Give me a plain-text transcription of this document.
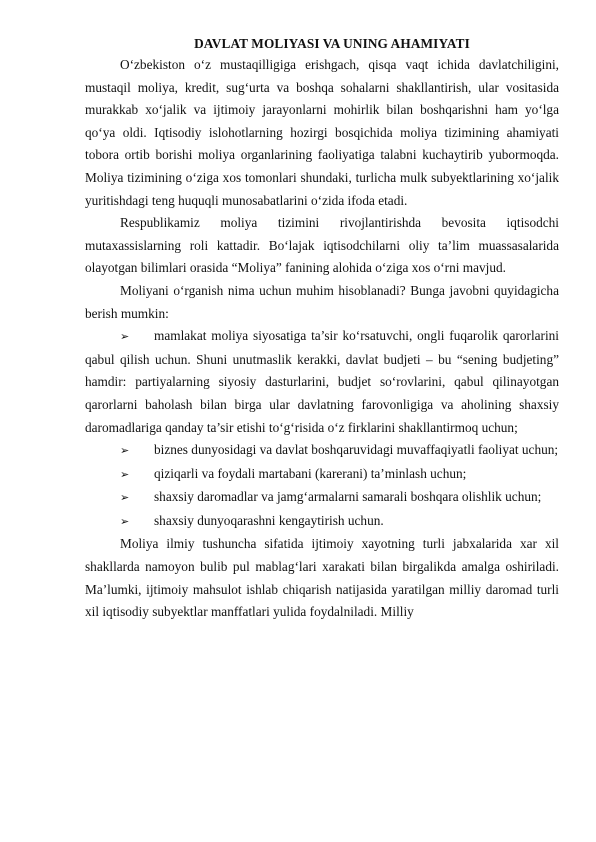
DAVLAT MOLIYASI VA UNING AHAMIYATI

O‘zbekiston o‘z mustaqilligiga erishgach, qisqa vaqt ichida davlatchiligini, mustaqil moliya, kredit, sug‘urta va boshqa sohalarni shakllantirish, ular vositasida murakkab xo‘jalik va ijtimoiy jarayonlarni mohirlik bilan boshqarishni ham yo‘lga qo‘ya oldi. Iqtisodiy islohotlarning hozirgi bosqichida moliya tizimining ahamiyati tobora ortib borishi moliya organlarining faoliyatiga talabni kuchaytirib yubormoqda. Moliya tizimining o‘ziga xos tomonlari shundaki, turlicha mulk subyektlarining xo‘jalik yuritishdagi teng huquqli munosabatlarini o‘zida ifoda etadi.

Respublikamiz moliya tizimini rivojlantirishda bevosita iqtisodchi mutaxassislarning roli kattadir. Bo‘lajak iqtisodchilarni oliy ta’lim muassasalarida olayotgan bilimlari orasida “Moliya” fanining alohida o‘ziga xos o‘rni mavjud.

Moliyani o‘rganish nima uchun muhim hisoblanadi? Bunga javobni quyidagicha berish mumkin:

➢ mamlakat moliya siyosatiga ta’sir ko‘rsatuvchi, ongli fuqarolik qarorlarini qabul qilish uchun. Shuni unutmaslik kerakki, davlat budjeti – bu “sening budjeting” hamdir: partiyalarning siyosiy dasturlarini, budjet so‘rovlarini, qabul qilinayotgan qarorlarni baholash bilan birga ular davlatning farovonligiga va aholining shaxsiy daromadlariga qanday ta’sir etishi to‘g‘risida o‘z firklarini shakllantirmoq uchun;

➢ biznes dunyosidagi va davlat boshqaruvidagi muvaffaqiyatli faoliyat uchun;

➢ qiziqarli va foydali martabani (karerani) ta’minlash uchun;

➢ shaxsiy daromadlar va jamg‘armalarni samarali boshqara olishlik uchun;

➢ shaxsiy dunyoqarashni kengaytirish uchun.

Moliya ilmiy tushuncha sifatida ijtimoiy xayotning turli jabxalarida xar xil shakllarda namoyon bulib pul mablag‘lari xarakati bilan birgalikda amalga oshiriladi. Ma’lumki, ijtimoiy mahsulot ishlab chiqarish natijasida yaratilgan milliy daromad turli xil iqtisodiy subyektlar manffatlari yulida foydalniladi. Milliy
